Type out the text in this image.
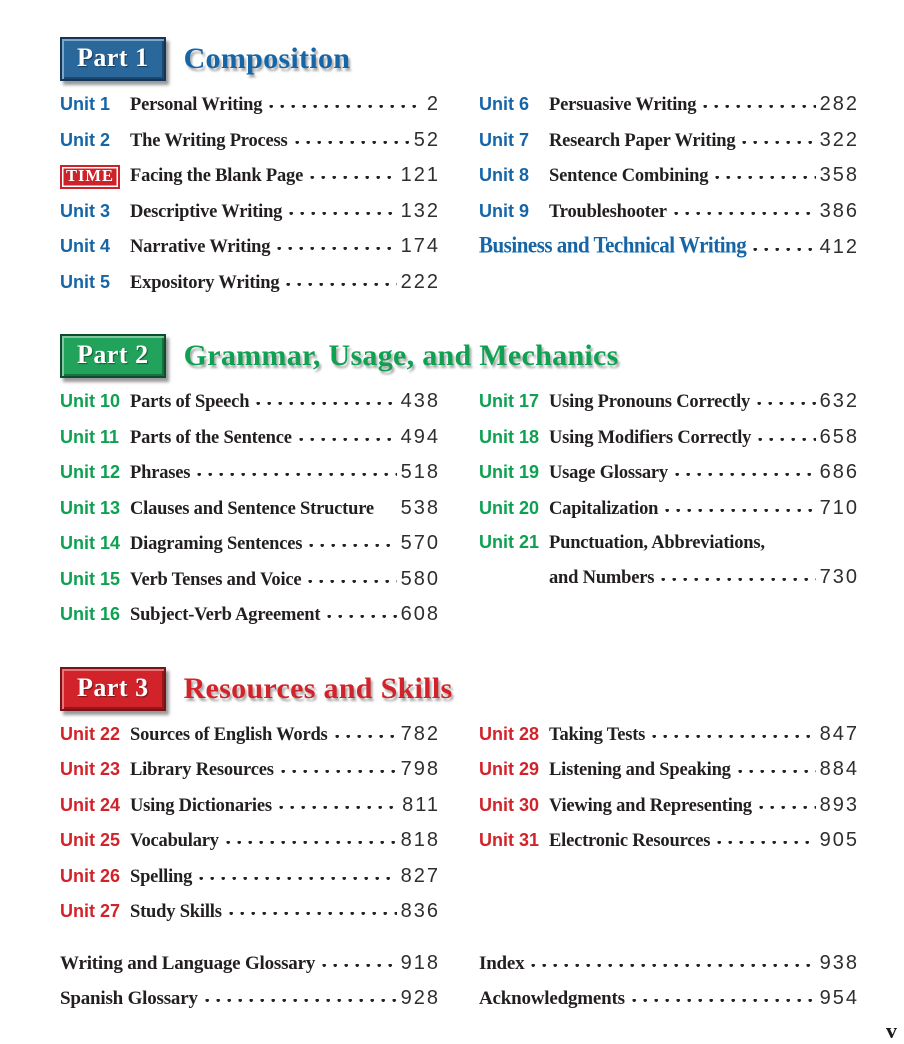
Part 1	Composition
Unit 1	Personal Writing	2
Unit 2	The Writing Process	52
TIME Facing the Blank Page	121
Unit 3	Descriptive Writing	132
Unit 4	Narrative Writing	174
Unit 5	Expository Writing	222
Unit 6	Persuasive Writing	282
Unit 7	Research Paper Writing	322
Unit 8	Sentence Combining	358
Unit 9	Troubleshooter	386
Business and Technical Writing	412
Part 2	Grammar, Usage, and Mechanics
Unit 10 Parts of Speech	438
Unit 11 Parts of the Sentence	494
Unit 12 Phrases	518
Unit 13 Clauses and Sentence Structure 538
Unit 14 Diagraming Sentences	570
Unit 15 Verb Tenses and Voice	580
Unit 16 Subject-Verb Agreement	608
Unit 17 Using Pronouns Correctly	632
Unit 18 Using Modifiers Correctly	658
Unit 19 Usage Glossary	686
Unit 20 Capitalization	710
Unit 21 Punctuation, Abbreviations,
and Numbers	730
Part 3	Resources and Skills
Unit 22 Sources of English Words	782
Unit 23 Library Resources	798
Unit 24 Using Dictionaries	811
Unit 25 Vocabulary	818
Unit 26 Spelling	827
Unit 27 Study Skills	836
Unit 28 Taking Tests	847
Unit 29 Listening and Speaking	884
Unit 30 Viewing and Representing	893
Unit 31 Electronic Resources	905
Writing and Language Glossary	918
Spanish Glossary	928
Index	938
Acknowledgments	954
v
